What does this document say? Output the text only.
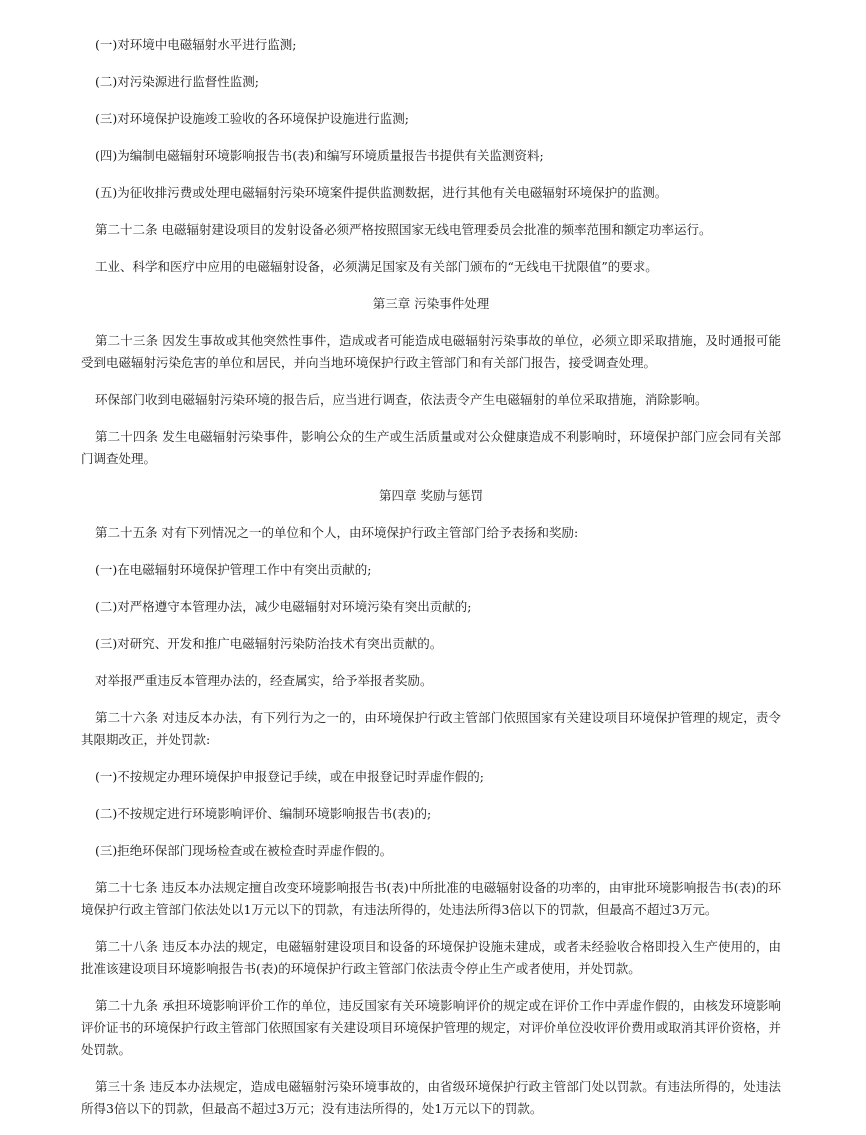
(一)对环境中电磁辐射水平进行监测;

(二)对污染源进行监督性监测;

(三)对环境保护设施竣工验收的各环境保护设施进行监测;

(四)为编制电磁辐射环境影响报告书(表)和编写环境质量报告书提供有关监测资料;

(五)为征收排污费或处理电磁辐射污染环境案件提供监测数据，进行其他有关电磁辐射环境保护的监测。

第二十二条 电磁辐射建设项目的发射设备必须严格按照国家无线电管理委员会批准的频率范围和额定功率运行。

工业、科学和医疗中应用的电磁辐射设备，必须满足国家及有关部门颁布的“无线电干扰限值”的要求。

第三章 污染事件处理

第二十三条 因发生事故或其他突然性事件，造成或者可能造成电磁辐射污染事故的单位，必须立即采取措施，及时通报可能受到电磁辐射污染危害的单位和居民，并向当地环境保护行政主管部门和有关部门报告，接受调查处理。

环保部门收到电磁辐射污染环境的报告后，应当进行调查，依法责令产生电磁辐射的单位采取措施，消除影响。

第二十四条 发生电磁辐射污染事件，影响公众的生产或生活质量或对公众健康造成不利影响时，环境保护部门应会同有关部门调查处理。

第四章 奖励与惩罚

第二十五条 对有下列情况之一的单位和个人，由环境保护行政主管部门给予表扬和奖励:

(一)在电磁辐射环境保护管理工作中有突出贡献的;

(二)对严格遵守本管理办法，减少电磁辐射对环境污染有突出贡献的;

(三)对研究、开发和推广电磁辐射污染防治技术有突出贡献的。

对举报严重违反本管理办法的，经查属实，给予举报者奖励。

第二十六条 对违反本办法，有下列行为之一的，由环境保护行政主管部门依照国家有关建设项目环境保护管理的规定，责令其限期改正，并处罚款:

(一)不按规定办理环境保护申报登记手续，或在申报登记时弄虚作假的;

(二)不按规定进行环境影响评价、编制环境影响报告书(表)的;

(三)拒绝环保部门现场检查或在被检查时弄虚作假的。

第二十七条 违反本办法规定擅自改变环境影响报告书(表)中所批准的电磁辐射设备的功率的，由审批环境影响报告书(表)的环境保护行政主管部门依法处以1万元以下的罚款，有违法所得的，处违法所得3倍以下的罚款，但最高不超过3万元。

第二十八条 违反本办法的规定，电磁辐射建设项目和设备的环境保护设施未建成，或者未经验收合格即投入生产使用的，由批准该建设项目环境影响报告书(表)的环境保护行政主管部门依法责令停止生产或者使用，并处罚款。

第二十九条 承担环境影响评价工作的单位，违反国家有关环境影响评价的规定或在评价工作中弄虚作假的，由核发环境影响评价证书的环境保护行政主管部门依照国家有关建设项目环境保护管理的规定，对评价单位没收评价费用或取消其评价资格，并处罚款。

第三十条 违反本办法规定，造成电磁辐射污染环境事故的，由省级环境保护行政主管部门处以罚款。有违法所得的，处违法所得3倍以下的罚款，但最高不超过3万元；没有违法所得的，处1万元以下的罚款。
